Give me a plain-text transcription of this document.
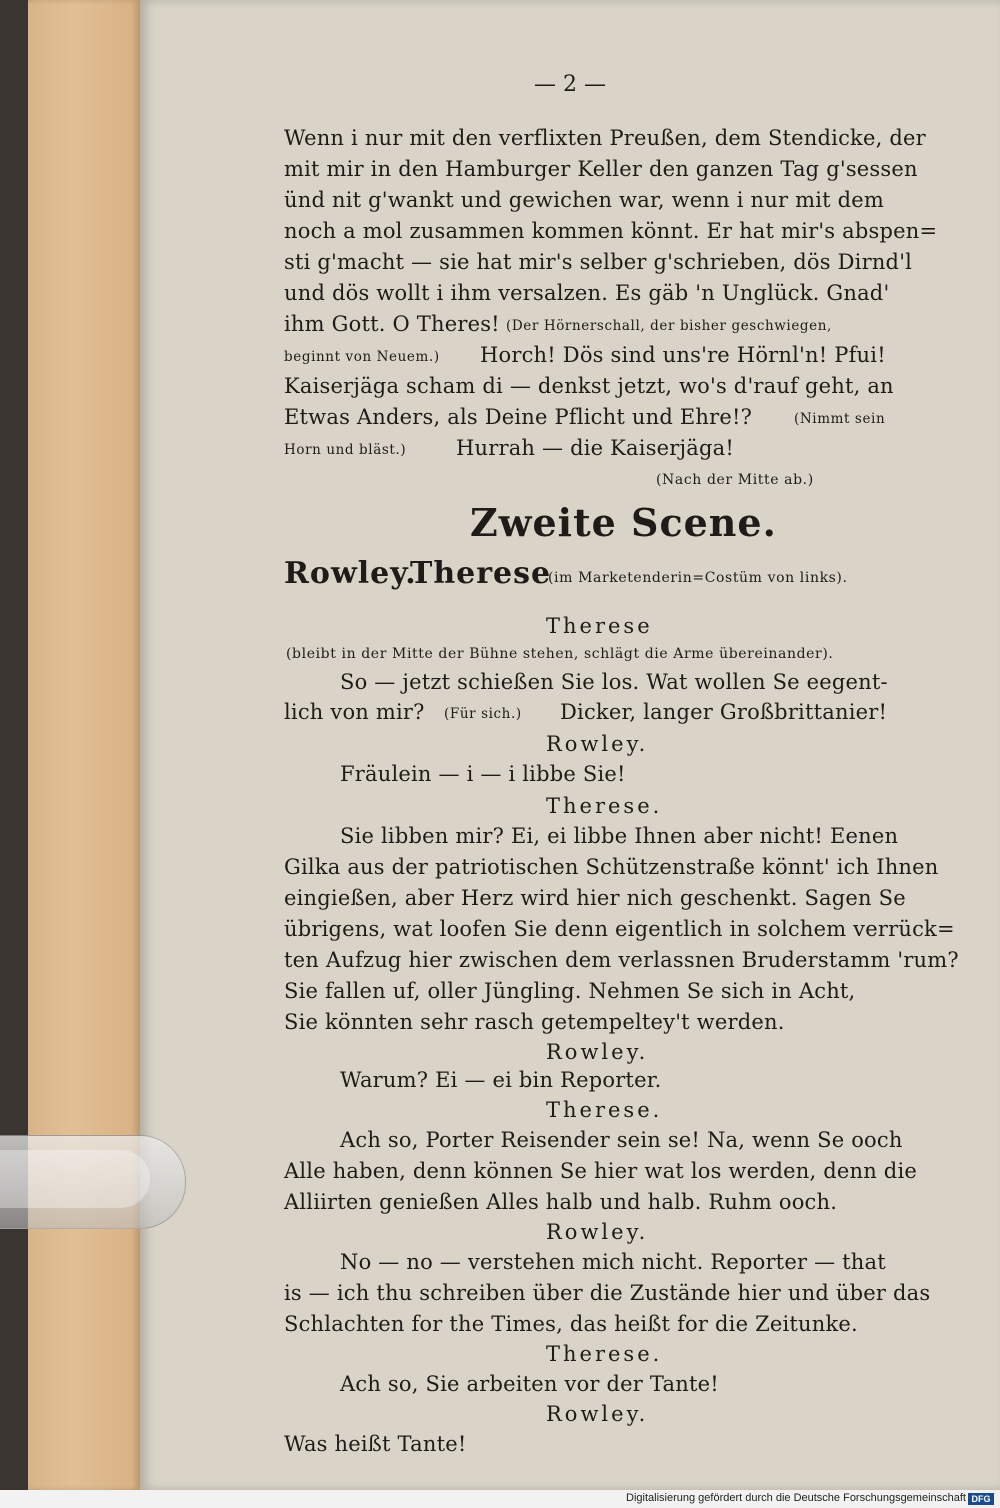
— 2 —
Wenn i nur mit den verflixten Preußen, dem Stendicke, der
mit mir in den Hamburger Keller den ganzen Tag g'sessen
ünd nit g'wankt und gewichen war, wenn i nur mit dem
noch a mol zusammen kommen könnt. Er hat mir's abspen=
sti g'macht — sie hat mir's selber g'schrieben, dös Dirnd'l
und dös wollt i ihm versalzen. Es gäb 'n Unglück. Gnad'
ihm Gott. O Theres! (Der Hörnerschall, der bisher geschwiegen,
beginnt von Neuem.) Horch! Dös sind uns're Hörnl'n! Pfui!
Kaiserjäga scham di — denkst jetzt, wo's d'rauf geht, an
Etwas Anders, als Deine Pflicht und Ehre!?	(Nimmt sein
Horn und bläst.) Hurrah — die Kaiserjäga!
(Nach der Mitte ab.)
Zweite Scene.
Rowley.
Therese
(im Marketenderin=Costüm von links).
Therese
(bleibt in der Mitte der Bühne stehen, schlägt die Arme übereinander).
So — jetzt schießen Sie los. Wat wollen Se eegent-
lich von mir? (Für sich.) Dicker, langer Großbrittanier!
Rowley.
Fräulein — i — i libbe Sie!
Therese.
Sie libben mir? Ei, ei libbe Ihnen aber nicht! Eenen
Gilka aus der patriotischen Schützenstraße könnt' ich Ihnen
eingießen, aber Herz wird hier nich geschenkt. Sagen Se
übrigens, wat loofen Sie denn eigentlich in solchem verrück=
ten Aufzug hier zwischen dem verlassnen Bruderstamm 'rum?
Sie fallen uf, oller Jüngling. Nehmen Se sich in Acht,
Sie könnten sehr rasch getempeltey't werden.
Rowley.
Warum? Ei — ei bin Reporter.
Therese.
Ach so, Porter Reisender sein se! Na, wenn Se ooch
Alle haben, denn können Se hier wat los werden, denn die
Alliirten genießen Alles halb und halb. Ruhm ooch.
Rowley.
No — no — verstehen mich nicht. Reporter — that
is — ich thu schreiben über die Zustände hier und über das
Schlachten for the Times, das heißt for die Zeitunke.
Therese.
Ach so, Sie arbeiten vor der Tante!
Rowley.
Was heißt Tante!
Digitalisierung gefördert durch die Deutsche Forschungsgemeinschaft DFG
